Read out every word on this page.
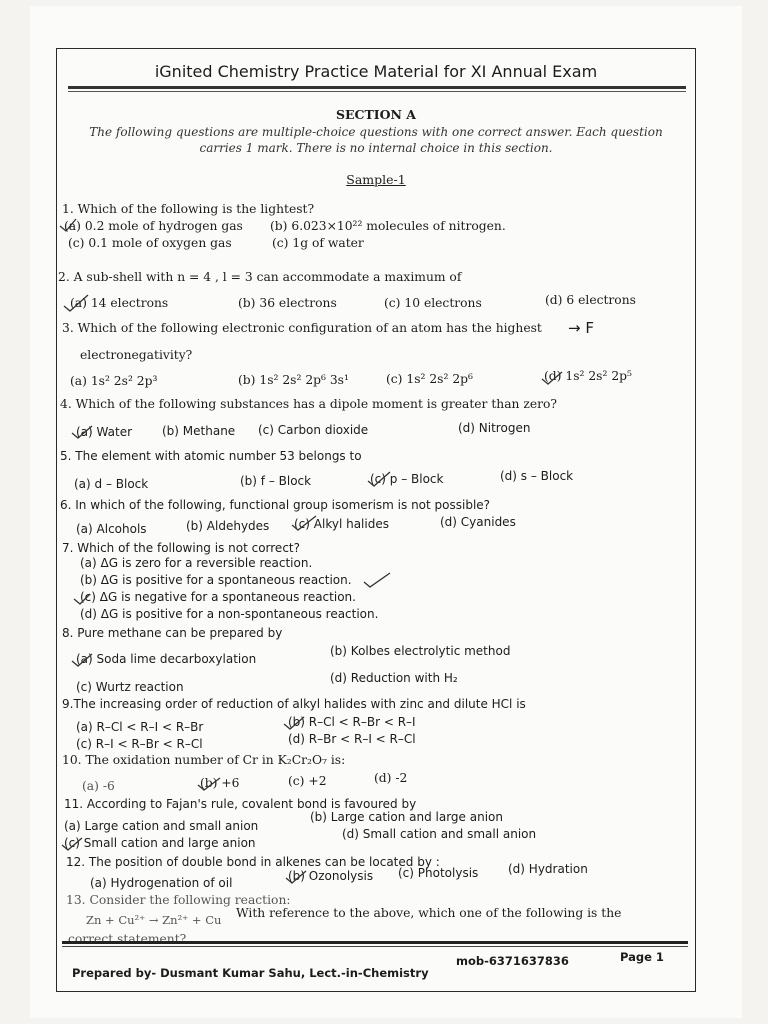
iGnited Chemistry Practice Material for XI Annual Exam
SECTION A
The following questions are multiple-choice questions with one correct answer. Each question
carries 1 mark. There is no internal choice in this section.
Sample-1
1. Which of the following is the lightest?
(a) 0.2 mole of hydrogen gas (b) 6.023×10²² molecules of nitrogen.
(c) 0.1 mole of oxygen gas	(c) 1g of water
2. A sub-shell with n = 4 , l = 3 can accommodate a maximum of
(a) 14 electrons	(b) 36 electrons	(c) 10 electrons	(d) 6 electrons
3. Which of the following electronic configuration of an atom has the highest → F
electronegativity?
(a) 1s² 2s² 2p³	(b) 1s² 2s² 2p⁶ 3s¹	(c) 1s² 2s² 2p⁶	(d) 1s² 2s² 2p⁵
4. Which of the following substances has a dipole moment is greater than zero?
(a) Water (b) Methane (c) Carbon dioxide	(d) Nitrogen
5. The element with atomic number 53 belongs to
(a) d – Block	(b) f – Block	(c) p – Block	(d) s – Block
6. In which of the following, functional group isomerism is not possible?
(a) Alcohols	(b) Aldehydes (c) Alkyl halides	(d) Cyanides
7. Which of the following is not correct?
(a) ΔG is zero for a reversible reaction.
(b) ΔG is positive for a spontaneous reaction.
(c) ΔG is negative for a spontaneous reaction.
(d) ΔG is positive for a non-spontaneous reaction.
8. Pure methane can be prepared by
(a) Soda lime decarboxylation
(b) Kolbes electrolytic method
(c) Wurtz reaction
(d) Reduction with H₂
9.The increasing order of reduction of alkyl halides with zinc and dilute HCl is
(a) R–Cl < R–I < R–Br	(b) R–Cl < R–Br < R–I
(c) R–I < R–Br < R–Cl	(d) R–Br < R–I < R–Cl
10. The oxidation number of Cr in K₂Cr₂O₇ is:
(a) -6	(b) +6	(c) +2	(d) -2
11. According to Fajan's rule, covalent bond is favoured by
(a) Large cation and small anion
(b) Large cation and large anion
(c) Small cation and large anion
(d) Small cation and small anion
12. The position of double bond in alkenes can be located by :
(a) Hydrogenation of oil	(b) Ozonolysis (c) Photolysis (d) Hydration
13. Consider the following reaction:
Zn + Cu²⁺ → Zn²⁺ + Cu With reference to the above, which one of the following is the
correct statement?
Prepared by- Dusmant Kumar Sahu, Lect.-in-Chemistry
mob-6371637836	Page 1
